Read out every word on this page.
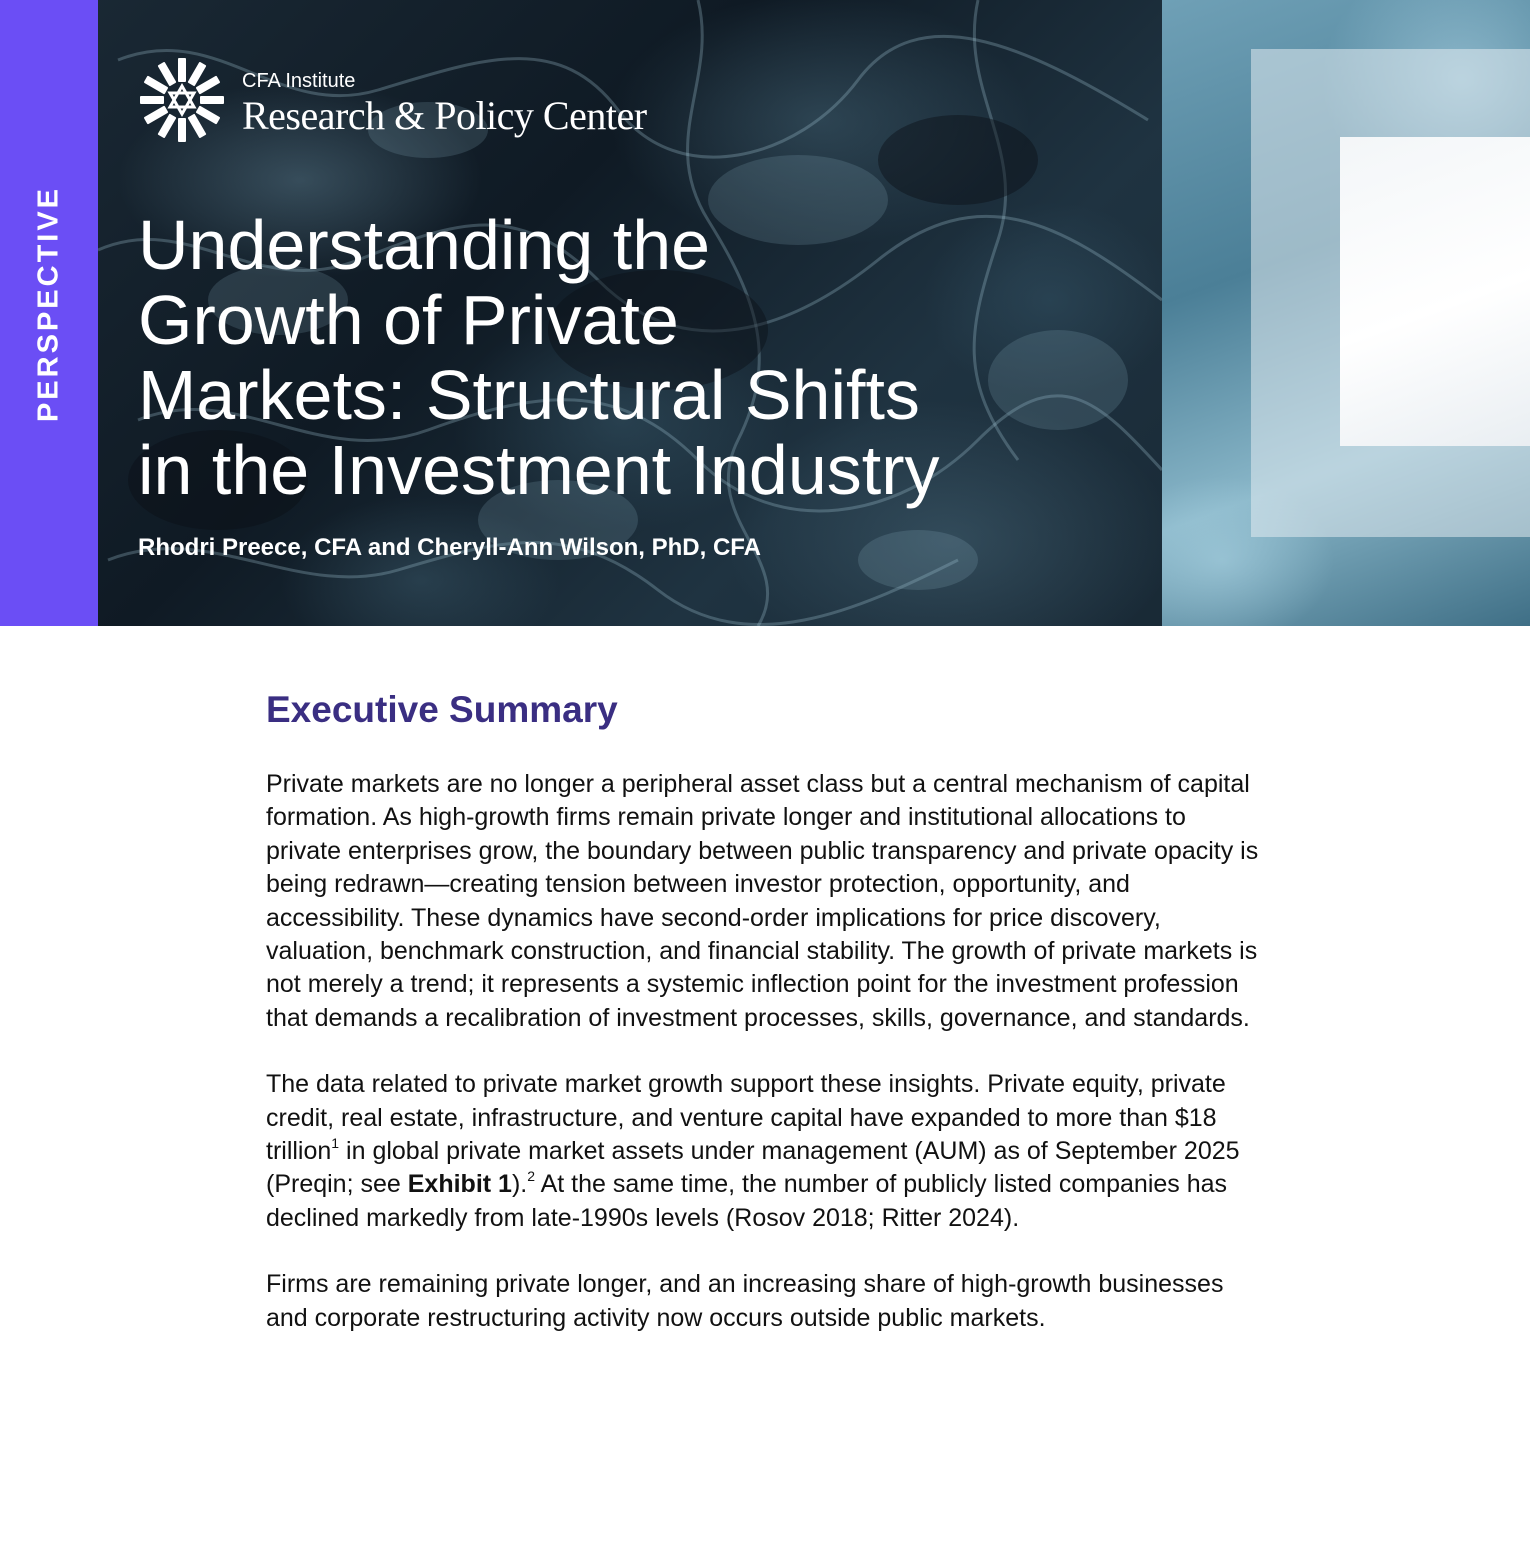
PERSPECTIVE
CFA Institute
Research & Policy Center
Understanding the
Growth of Private
Markets: Structural Shifts
in the Investment Industry

Rhodri Preece, CFA and Cheryll-Ann Wilson, PhD, CFA

Executive Summary

Private markets are no longer a peripheral asset class but a central mechanism of capital formation. As high-growth firms remain private longer and institutional allocations to private enterprises grow, the boundary between public transparency and private opacity is being redrawn—creating tension between investor protection, opportunity, and accessibility. These dynamics have second-order implications for price discovery, valuation, benchmark construction, and financial stability. The growth of private markets is not merely a trend; it represents a systemic inflection point for the investment profession that demands a recalibration of investment processes, skills, governance, and standards.

The data related to private market growth support these insights. Private equity, private credit, real estate, infrastructure, and venture capital have expanded to more than $18 trillion$^1$ in global private market assets under management (AUM) as of September 2025 (Preqin; see Exhibit 1).$^2$ At the same time, the number of publicly listed companies has declined markedly from late-1990s levels (Rosov 2018; Ritter 2024).

Firms are remaining private longer, and an increasing share of high-growth businesses and corporate restructuring activity now occurs outside public markets.
